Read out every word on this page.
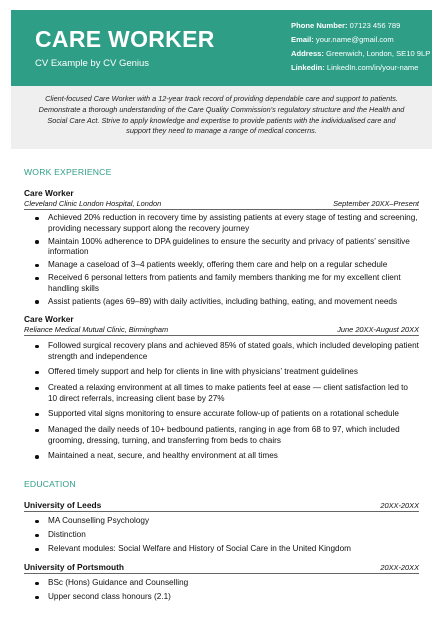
CARE WORKER
CV Example by CV Genius
Phone Number: 07123 456 789
Email: your.name@gmail.com
Address: Greenwich, London, SE10 9LP
Linkedin: LinkedIn.com/in/your-name
Client-focused Care Worker with a 12-year track record of providing dependable care and support to patients. Demonstrate a thorough understanding of the Care Quality Commission’s regulatory structure and the Health and Social Care Act. Strive to apply knowledge and expertise to provide patients with the individualised care and support they need to manage a range of medical concerns.
WORK EXPERIENCE
Care Worker
Cleveland Clinic London Hospital, London	September 20XX–Present
Achieved 20% reduction in recovery time by assisting patients at every stage of testing and screening, providing necessary support along the recovery journey
Maintain 100% adherence to DPA guidelines to ensure the security and privacy of patients’ sensitive information
Manage a caseload of 3–4 patients weekly, offering them care and help on a regular schedule
Received 6 personal letters from patients and family members thanking me for my excellent client handling skills
Assist patients (ages 69–89) with daily activities, including bathing, eating, and movement needs
Care Worker
Reliance Medical Mutual Clinic, Birmingham	June 20XX-August 20XX
Followed surgical recovery plans and achieved 85% of stated goals, which included developing patient strength and independence
Offered timely support and help for clients in line with physicians’ treatment guidelines
Created a relaxing environment at all times to make patients feel at ease — client satisfaction led to 10 direct referrals, increasing client base by 27%
Supported vital signs monitoring to ensure accurate follow-up of patients on a rotational schedule
Managed the daily needs of 10+ bedbound patients, ranging in age from 68 to 97, which included grooming, dressing, turning, and transferring from beds to chairs
Maintained a neat, secure, and healthy environment at all times
EDUCATION
University of Leeds	20XX-20XX
MA Counselling Psychology
Distinction
Relevant modules: Social Welfare and History of Social Care in the United Kingdom
University of Portsmouth	20XX-20XX
BSc (Hons) Guidance and Counselling
Upper second class honours (2.1)
